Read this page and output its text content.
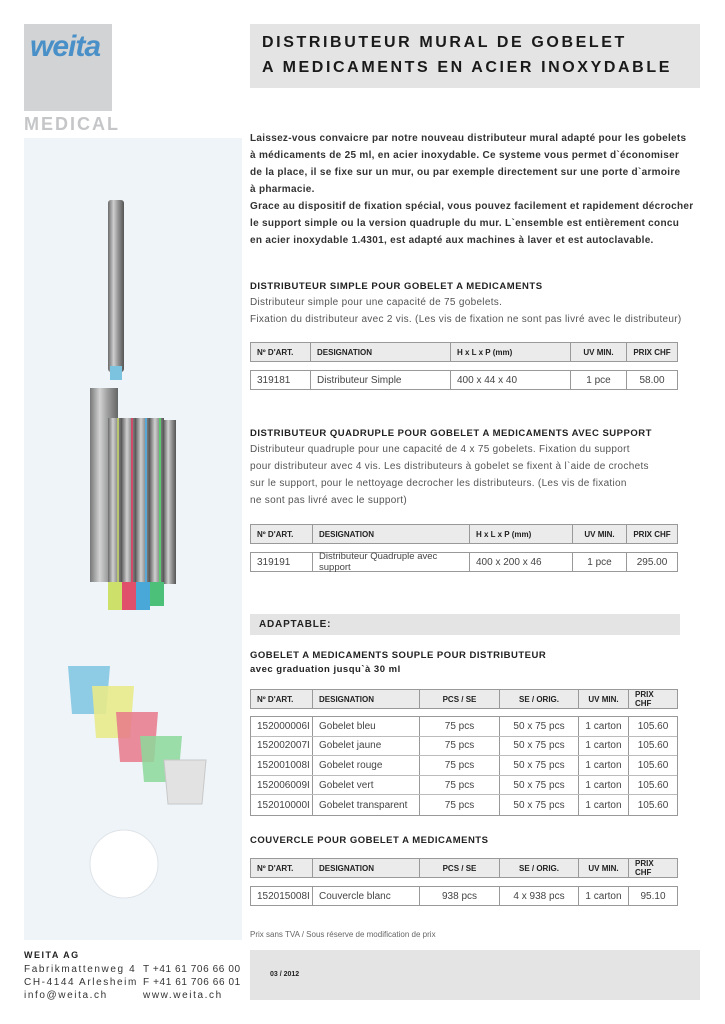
weita
MEDICAL
DISTRIBUTEUR MURAL DE GOBELET
A MEDICAMENTS EN ACIER INOXYDABLE
Laissez-vous convaicre par notre nouveau distributeur mural adapté pour les gobelets
à médicaments de 25 ml, en acier inoxydable. Ce systeme vous permet d`économiser
de la place, il se fixe sur un mur, ou par exemple directement sur une porte d`armoire
à pharmacie.
Grace au dispositif de fixation spécial, vous pouvez facilement et rapidement décrocher
le support simple ou la version quadruple du mur. L`ensemble est entièrement concu
en acier inoxydable 1.4301, est adapté aux machines à laver et est autoclavable.
DISTRIBUTEUR SIMPLE POUR GOBELET A MEDICAMENTS
Distributeur simple pour une capacité de 75 gobelets.
Fixation du distributeur avec 2 vis. (Les vis de fixation ne sont pas livré avec le distributeur)
Nº D'ART.	DESIGNATION	H x L x P (mm)	UV MIN.	PRIX CHF
319181	Distributeur Simple	400 x 44 x 40	1 pce	58.00
DISTRIBUTEUR QUADRUPLE POUR GOBELET A MEDICAMENTS AVEC SUPPORT
Distributeur quadruple pour une capacité de 4 x 75 gobelets. Fixation du support
pour distributeur avec 4 vis. Les distributeurs à gobelet se fixent à l`aide de crochets
sur le support, pour le nettoyage decrocher les distributeurs. (Les vis de fixation
ne sont pas livré avec le support)
Nº D'ART.	DESIGNATION	H x L x P (mm)	UV MIN.	PRIX CHF
319191	Distributeur Quadruple avec support	400 x 200 x 46	1 pce	295.00
ADAPTABLE:
GOBELET A MEDICAMENTS SOUPLE POUR DISTRIBUTEUR
avec graduation jusqu`à 30 ml
Nº D'ART.	DESIGNATION	PCS / SE	SE / ORIG.	UV MIN.	PRIX CHF
152000006I Gobelet bleu	75 pcs	50 x 75 pcs	1 carton	105.60
152002007I Gobelet jaune	75 pcs	50 x 75 pcs	1 carton	105.60
152001008I Gobelet rouge	75 pcs	50 x 75 pcs	1 carton	105.60
152006009I Gobelet vert	75 pcs	50 x 75 pcs	1 carton	105.60
152010000I Gobelet transparent	75 pcs	50 x 75 pcs	1 carton	105.60
COUVERCLE POUR GOBELET A MEDICAMENTS
Nº D'ART.	DESIGNATION	PCS / SE	SE / ORIG.	UV MIN.	PRIX CHF
152015008I Couvercle blanc	938 pcs	4 x 938 pcs	1 carton	95.10
Prix sans TVA / Sous réserve de modification de prix
03 / 2012
WEITA AG
Fabrikmattenweg 4
CH-4144 Arlesheim
info@weita.ch
T +41 61 706 66 00
F +41 61 706 66 01
www.weita.ch
